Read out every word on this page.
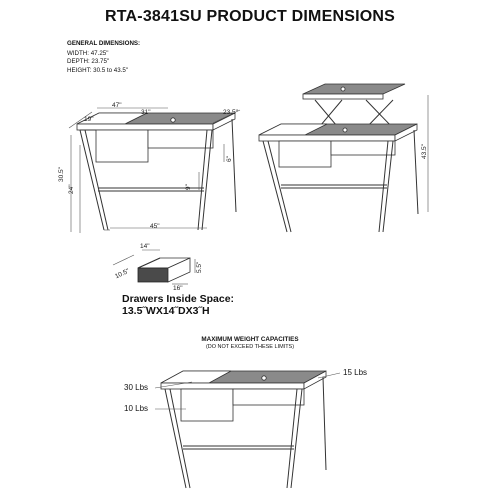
RTA-3841SU PRODUCT DIMENSIONS
GENERAL DIMENSIONS:
WIDTH: 47.25"
DEPTH: 23.75"
HEIGHT: 30.5 to 43.5"
19"
47"
31"	23.5"
30.5"
24"	9"
6"
45"
43.5"
14"
10.5"
5.5"
16"
Drawers Inside Space:
13.5˝WX14˝DX3˝H
MAXIMUM WEIGHT CAPACITIES
(DO NOT EXCEED THESE LIMITS)
30 Lbs
15 Lbs
10 Lbs
